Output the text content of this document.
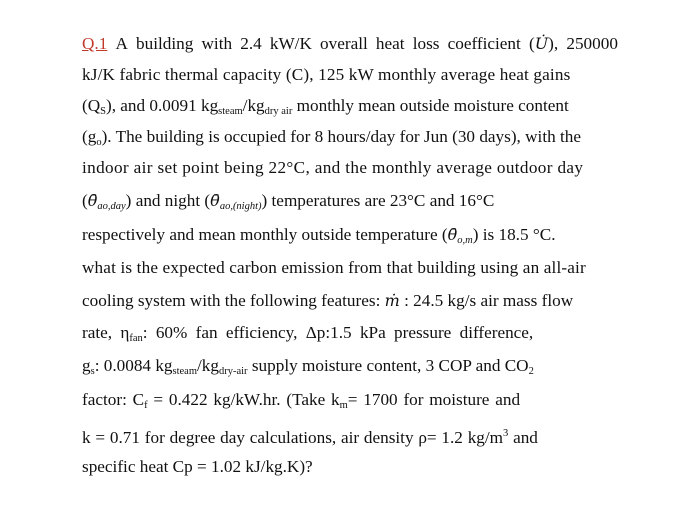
Q.1 A building with 2.4 kW/K overall heat loss coefficient (U̇), 250000
kJ/K fabric thermal capacity (C), 125 kW monthly average heat gains
$(Q_S)$, and 0.0091 $kg_{steam}/kg_{dry air}$ monthly mean outside moisture content
$(g_o)$. The building is occupied for 8 hours/day for Jun (30 days), with the
indoor air set point being 22°C, and the monthly average outdoor day
$(\thetā_{ao,day})$ and night $(\thetā_{ao,(night)})$ temperatures are 23°C and 16°C
respectively and mean monthly outside temperature $(\thetā_{o,m})$ is 18.5 °C.
what is the expected carbon emission from that building using an all-air
cooling system with the following features: ṁ : 24.5 kg/s air mass flow
rate, $\eta_{fan}$: 60% fan efficiency, Δp:1.5 kPa pressure difference,
$g_s$: 0.0084 $kg_{steam}/kg_{dry-air}$ supply moisture content, 3 COP and $CO_2$
factor: $C_f = 0.422$ kg/kW.hr. (Take $k_m= 1700$ for moisture and
k = 0.71 for degree day calculations, air density ρ= 1.2 $kg/m^3$ and
specific heat Cp = 1.02 kJ/kg.K)?
